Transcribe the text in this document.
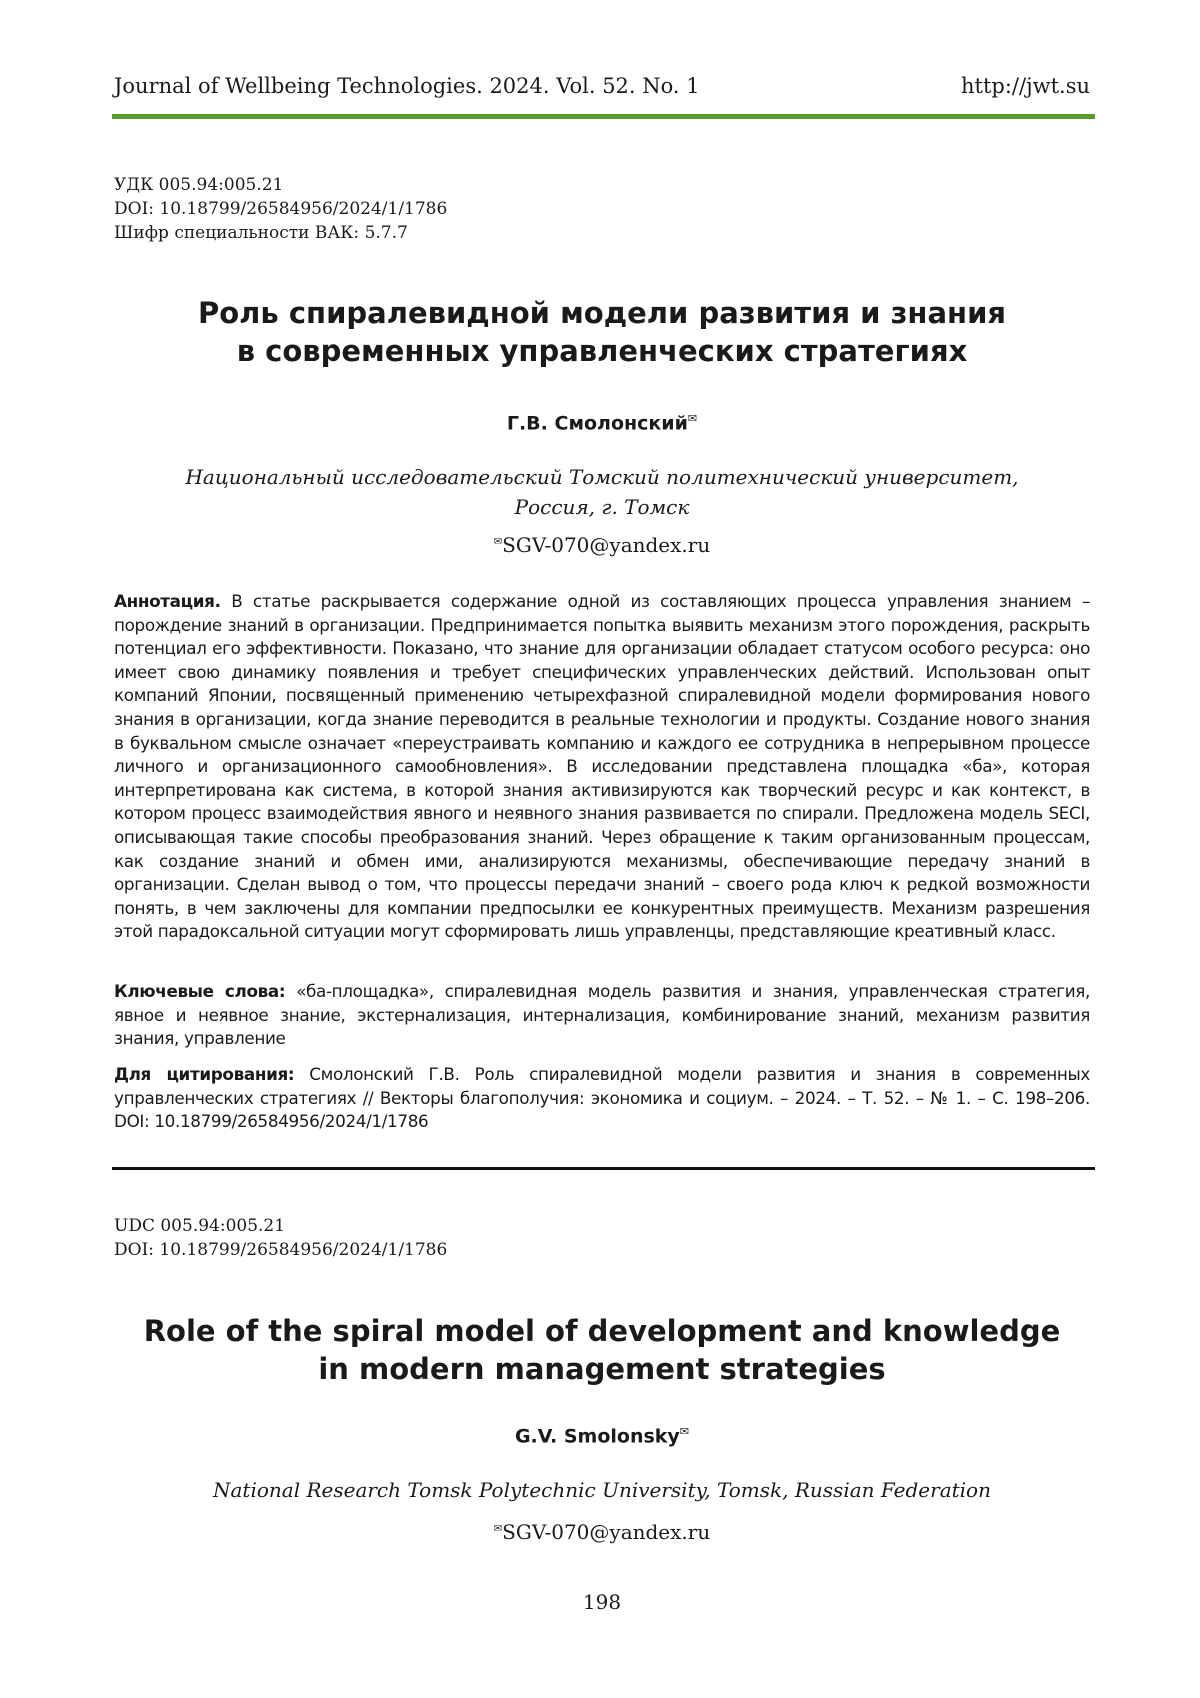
Journal of Wellbeing Technologies. 2024. Vol. 52. No. 1	http://jwt.su
УДК 005.94:005.21
DOI: 10.18799/26584956/2024/1/1786
Шифр специальности ВАК: 5.7.7
Роль спиралевидной модели развития и знания
в современных управленческих стратегиях
Г.В. Смолонский✉
Национальный исследовательский Томский политехнический университет,
Россия, г. Томск
✉SGV-070@yandex.ru
Аннотация. В статье раскрывается содержание одной из составляющих процесса управления знанием – порождение знаний в организации. Предпринимается попытка выявить механизм этого порождения, раскрыть потенциал его эффективности. Показано, что знание для организации обладает статусом особого ресурса: оно имеет свою динамику появления и требует специфических управленческих действий. Использован опыт компаний Японии, посвященный применению четырехфазной спиралевидной модели формирования нового знания в организации, когда знание переводится в реальные технологии и продукты. Создание нового знания в буквальном смысле означает «переустраивать компанию и каждого ее сотрудника в непрерывном процессе личного и организационного самообновления». В исследовании представлена площадка «ба», которая интерпретирована как система, в которой знания активизируются как творческий ресурс и как контекст, в котором процесс взаимодействия явного и неявного знания развивается по спирали. Предложена модель SECI, описывающая такие способы преобразования знаний. Через обращение к таким организованным процессам, как создание знаний и обмен ими, анализируются механизмы, обеспечивающие передачу знаний в организации. Сделан вывод о том, что процессы передачи знаний – своего рода ключ к редкой возможности понять, в чем заключены для компании предпосылки ее конкурентных преимуществ. Механизм разрешения этой парадоксальной ситуации могут сформировать лишь управленцы, представляющие креативный класс.
Ключевые слова: «ба-площадка», спиралевидная модель развития и знания, управленческая стратегия, явное и неявное знание, экстернализация, интернализация, комбинирование знаний, механизм развития знания, управление
Для цитирования: Смолонский Г.В. Роль спиралевидной модели развития и знания в современных управленческих стратегиях // Векторы благополучия: экономика и социум. – 2024. – Т. 52. – № 1. – С. 198–206. DOI: 10.18799/26584956/2024/1/1786
UDC 005.94:005.21
DOI: 10.18799/26584956/2024/1/1786
Role of the spiral model of development and knowledge
in modern management strategies
G.V. Smolonsky✉
National Research Tomsk Polytechnic University, Tomsk, Russian Federation
✉SGV-070@yandex.ru
198
